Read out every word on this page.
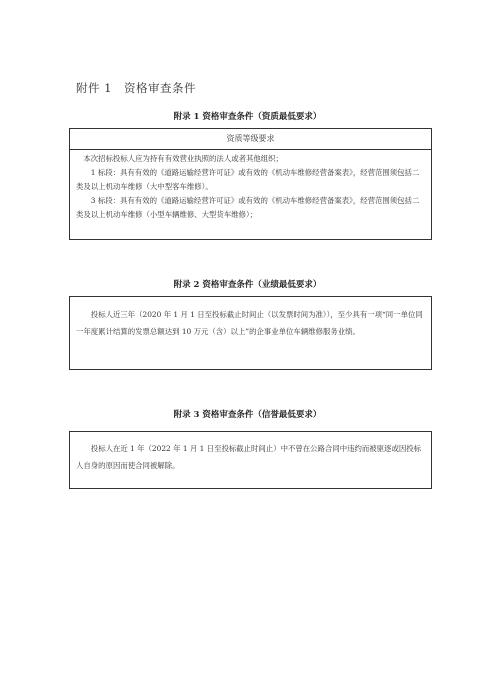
附件 1　资格审查条件
附录 1 资格审查条件（资质最低要求）
资质等级要求

本次招标投标人应为持有有效营业执照的法人或者其他组织；

1 标段：具有有效的《道路运输经营许可证》或有效的《机动车维修经营备案表》，经营范围须包括二类及以上机动车维修（大中型客车维修）。

3 标段：具有有效的《道路运输经营许可证》或有效的《机动车维修经营备案表》，经营范围须包括二类及以上机动车维修（小型车辆维修、大型货车维修）；

附录 2 资格审查条件（业绩最低要求）

投标人近三年（2020 年 1 月 1 日至投标截止时间止（以发票时间为准）），至少具有一项“同一单位同一年度累计结算的发票总额达到 10 万元（含）以上”的企事业单位车辆维修服务业绩。

附录 3 资格审查条件（信誉最低要求）

投标人在近 1 年（2022 年 1 月 1 日至投标截止时间止）中不曾在公路合同中违约而被驱逐或因投标人自身的原因而使合同被解除。
